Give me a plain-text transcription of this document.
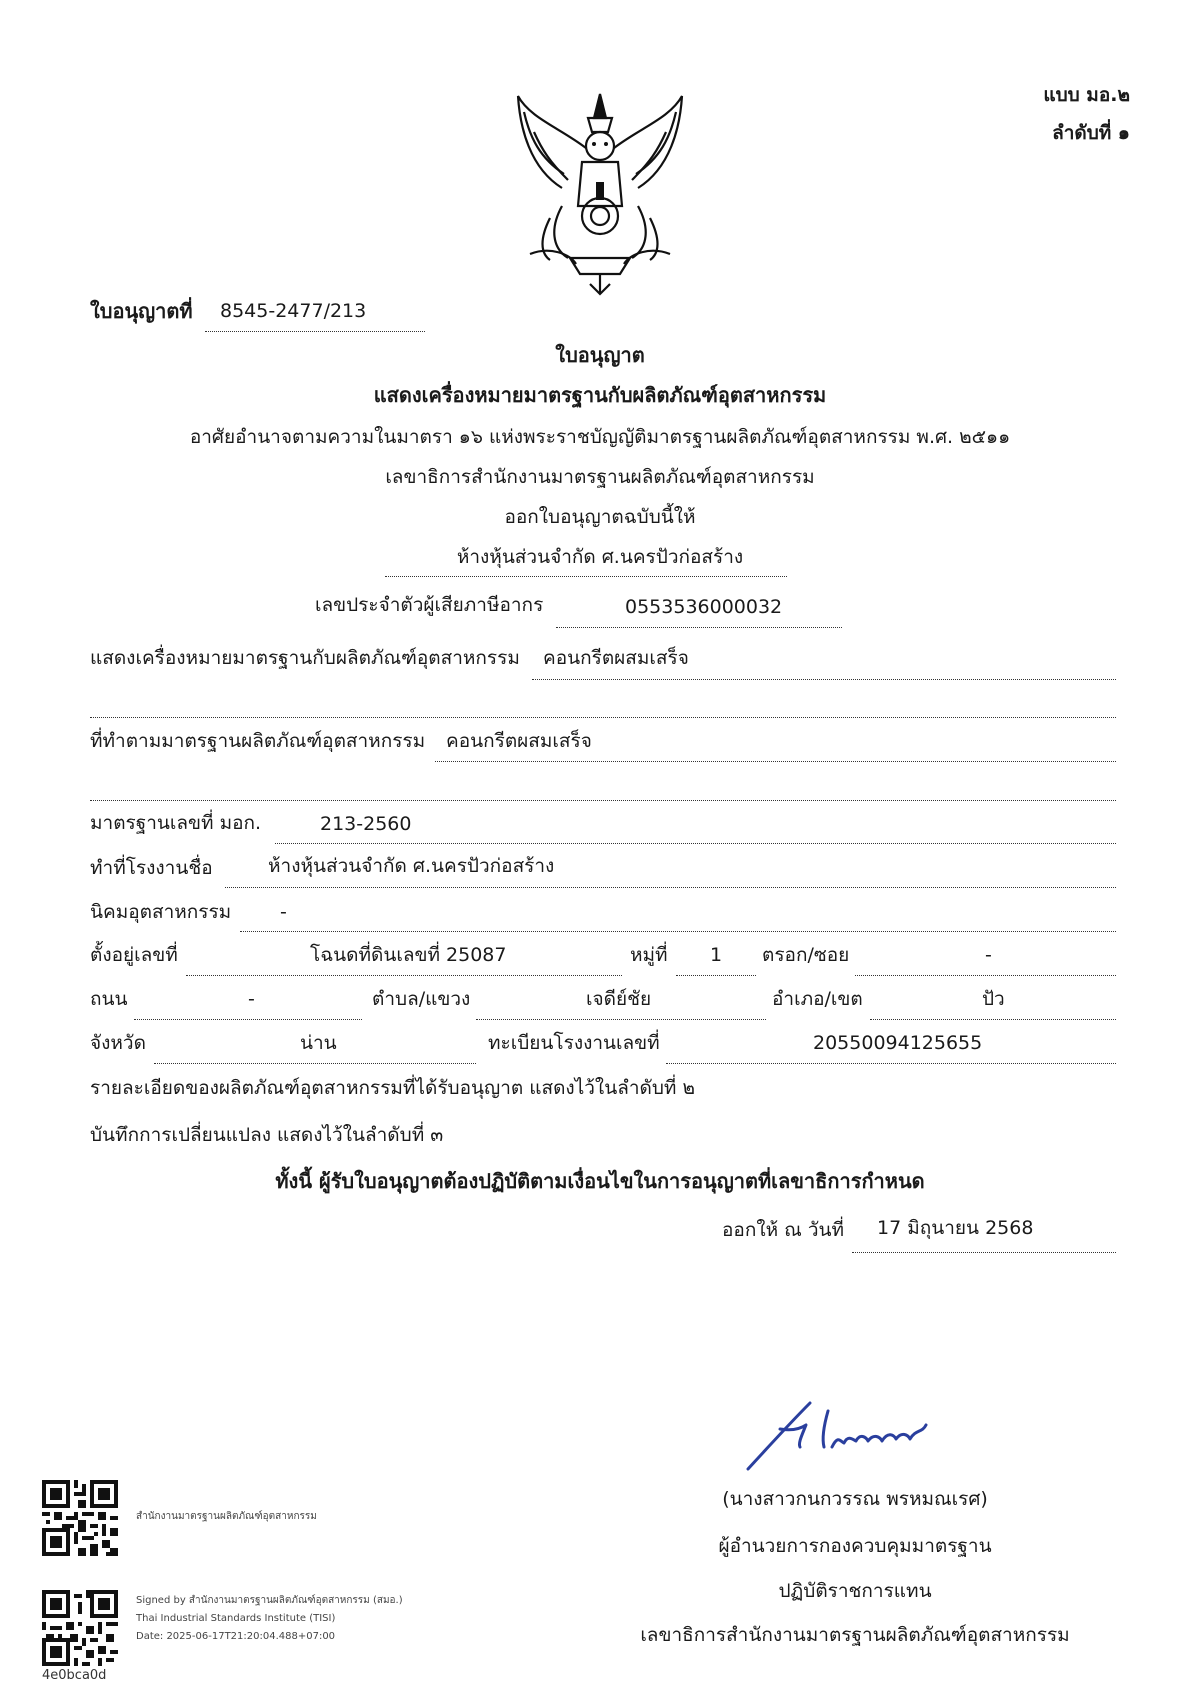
แบบ มอ.๒
ลำดับที่ ๑
ใบอนุญาตที่ 8545-2477/213
ใบอนุญาต
แสดงเครื่องหมายมาตรฐานกับผลิตภัณฑ์อุตสาหกรรม
อาศัยอำนาจตามความในมาตรา ๑๖ แห่งพระราชบัญญัติมาตรฐานผลิตภัณฑ์อุตสาหกรรม พ.ศ. ๒๕๑๑
เลขาธิการสำนักงานมาตรฐานผลิตภัณฑ์อุตสาหกรรม
ออกใบอนุญาตฉบับนี้ให้
ห้างหุ้นส่วนจำกัด ศ.นครปัวก่อสร้าง
เลขประจำตัวผู้เสียภาษีอากร	0553536000032
แสดงเครื่องหมายมาตรฐานกับผลิตภัณฑ์อุตสาหกรรม คอนกรีตผสมเสร็จ
ที่ทำตามมาตรฐานผลิตภัณฑ์อุตสาหกรรม คอนกรีตผสมเสร็จ
มาตรฐานเลขที่ มอก.	213-2560
ทำที่โรงงานชื่อ	ห้างหุ้นส่วนจำกัด ศ.นครปัวก่อสร้าง
นิคมอุตสาหกรรม	-
ตั้งอยู่เลขที่	โฉนดที่ดินเลขที่ 25087	หมู่ที่ 1 ตรอก/ซอย	-
ถนน	-	ตำบล/แขวง	เจดีย์ชัย	อำเภอ/เขต	ปัว
จังหวัด	น่าน	ทะเบียนโรงงานเลขที่	20550094125655
รายละเอียดของผลิตภัณฑ์อุตสาหกรรมที่ได้รับอนุญาต แสดงไว้ในลำดับที่ ๒
บันทึกการเปลี่ยนแปลง แสดงไว้ในลำดับที่ ๓
ทั้งนี้ ผู้รับใบอนุญาตต้องปฏิบัติตามเงื่อนไขในการอนุญาตที่เลขาธิการกำหนด
ออกให้ ณ วันที่ 17 มิถุนายน 2568
(นางสาวกนกวรรณ พรหมณเรศ)
ผู้อำนวยการกองควบคุมมาตรฐาน
ปฏิบัติราชการแทน
เลขาธิการสำนักงานมาตรฐานผลิตภัณฑ์อุตสาหกรรม
สำนักงานมาตรฐานผลิตภัณฑ์อุตสาหกรรม
Signed by สำนักงานมาตรฐานผลิตภัณฑ์อุตสาหกรรม (สมอ.)
Thai Industrial Standards Institute (TISI)
Date: 2025-06-17T21:20:04.488+07:00
4e0bca0d
